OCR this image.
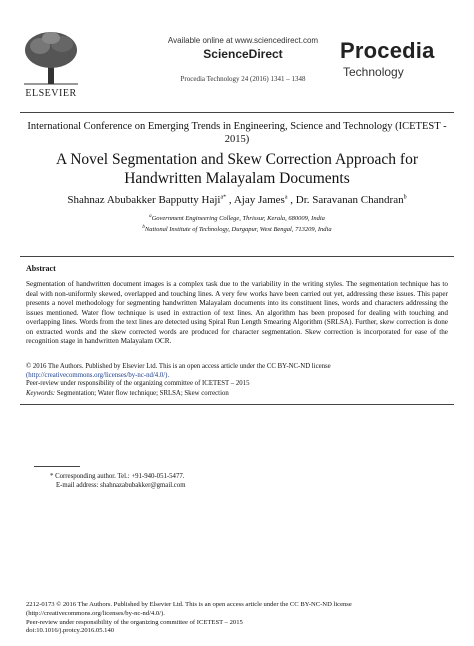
ELSEVIER
Available online at www.sciencedirect.com
ScienceDirect
Procedia Technology 24 (2016) 1341 – 1348
Procedia
Technology
International Conference on Emerging Trends in Engineering, Science and Technology (ICETEST - 2015)
A Novel Segmentation and Skew Correction Approach for Handwritten Malayalam Documents
Shahnaz Abubakker Bapputty Haji$^{a*}$ , Ajay James$^a$ , Dr. Saravanan Chandran$^b$
$^a$Government Engineering College, Thrissur, Kerala, 680009, India
$^b$National Institute of Technology, Durgapur, West Bengal, 713209, India
Abstract
Segmentation of handwritten document images is a complex task due to the variability in the writing styles. The segmentation technique has to deal with non-uniformly skewed, overlapped and touching lines. A very few works have been carried out yet, addressing these issues. This paper presents a novel methodology for segmenting handwritten Malayalam documents into its constituent lines, words and characters addressing the issues mentioned. Water flow technique is used in extraction of text lines. An algorithm has been proposed for dealing with touching and overlapping lines. Words from the text lines are detected using Spiral Run Length Smearing Algorithm (SRLSA). Further, skew correction is done on extracted words and the skew corrected words are produced for character segmentation. Skew correction is incorporated for ease of the recognition stage in handwritten Malayalam OCR.
© 2016 The Authors. Published by Elsevier Ltd. This is an open access article under the CC BY-NC-ND license
(http://creativecommons.org/licenses/by-nc-nd/4.0/).
Peer-review under responsibility of the organizing committee of ICETEST – 2015
Keywords: Segmentation; Water flow technique; SRLSA; Skew correction
* Corresponding author. Tel.: +91-940-051-5477.
E-mail address: shahnazabubakker@gmail.com
2212-0173 © 2016 The Authors. Published by Elsevier Ltd. This is an open access article under the CC BY-NC-ND license
(http://creativecommons.org/licenses/by-nc-nd/4.0/).
Peer-review under responsibility of the organizing committee of ICETEST – 2015
doi:10.1016/j.protcy.2016.05.140
